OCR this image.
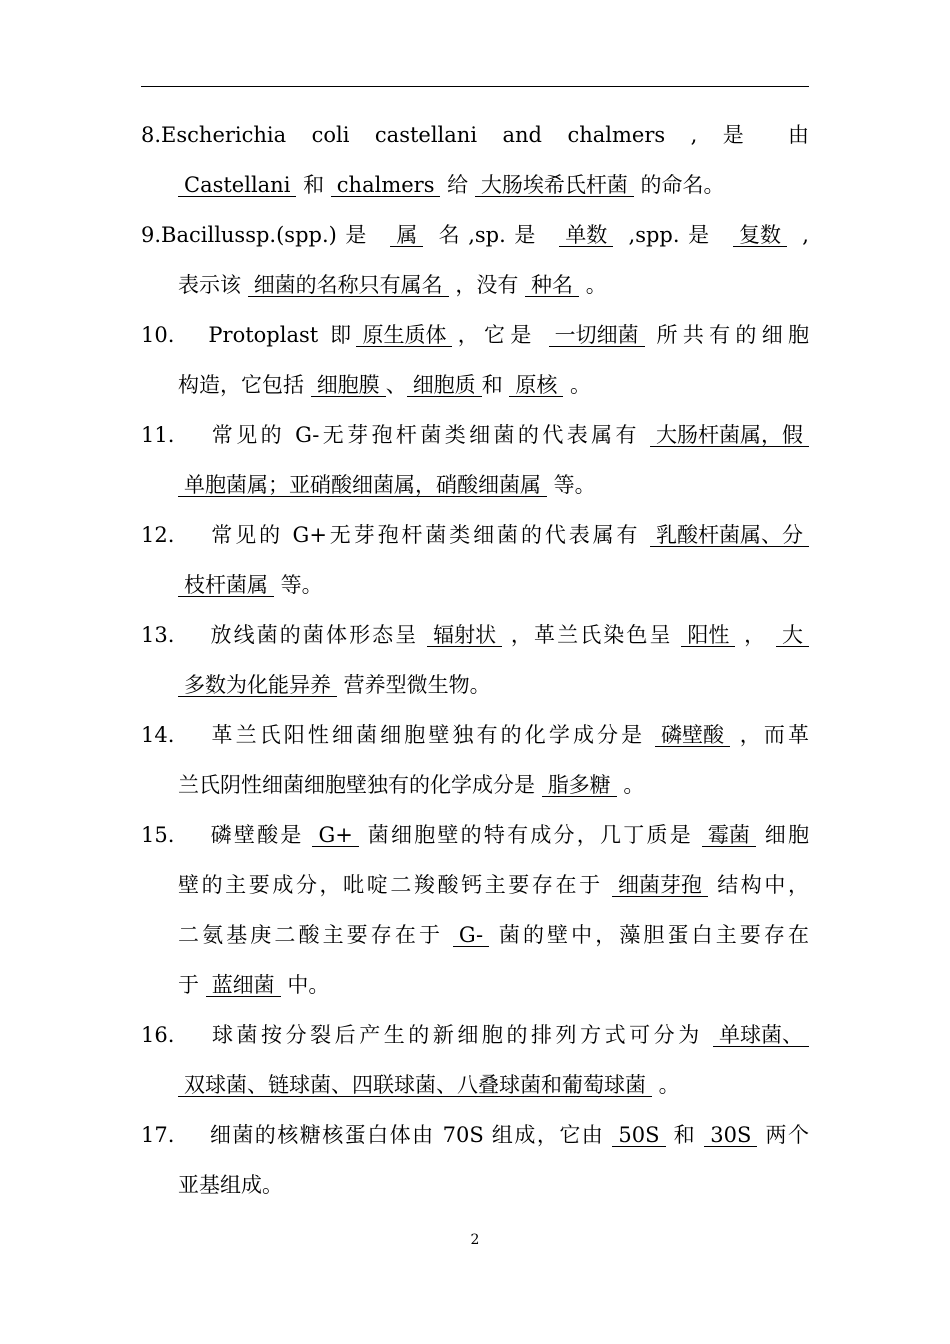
8.Escherichia coli castellani and chalmers , 是 由
Castellani 和 chalmers 给 大肠埃希氏杆菌 的命名。
9.Bacillussp.(spp.)是 属 名,sp.是 单数 ,spp.是 复数 ,
表示该 细菌的名称只有属名 ，没有 种名 。
10. Protoplast 即 原生质体 ，它是 一切细菌 所共有的细胞
构造，它包括 细胞膜 、 细胞质 和 原核 。
11. 常见的 G-无芽孢杆菌类细菌的代表属有 大肠杆菌属，假
单胞菌属；亚硝酸细菌属，硝酸细菌属 等。
12. 常见的 G+无芽孢杆菌类细菌的代表属有 乳酸杆菌属、分
枝杆菌属 等。
13. 放线菌的菌体形态呈 辐射状 ，革兰氏染色呈 阳性 ， 大
多数为化能异养 营养型微生物。
14. 革兰氏阳性细菌细胞壁独有的化学成分是 磷壁酸 ，而革
兰氏阴性细菌细胞壁独有的化学成分是 脂多糖 。
15. 磷壁酸是 G+ 菌细胞壁的特有成分，几丁质是 霉菌 细胞
壁的主要成分，吡啶二羧酸钙主要存在于 细菌芽孢 结构中，
二氨基庚二酸主要存在于 G- 菌的壁中，藻胆蛋白主要存在
于 蓝细菌 中。
16. 球菌按分裂后产生的新细胞的排列方式可分为 单球菌、
双球菌、链球菌、四联球菌、八叠球菌和葡萄球菌 。
17. 细菌的核糖核蛋白体由 70S 组成，它由 50S 和 30S 两个
亚基组成。
2
